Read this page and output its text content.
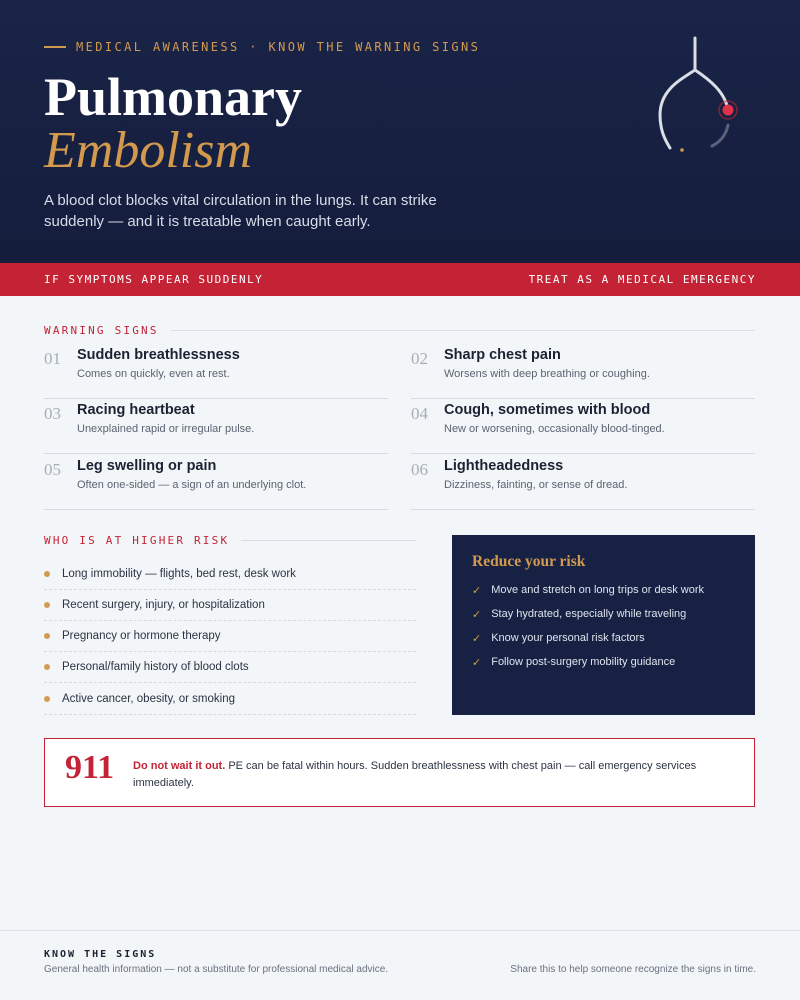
MEDICAL AWARENESS · KNOW THE WARNING SIGNS
Pulmonary
Embolism
A blood clot blocks vital circulation in the lungs. It can strike suddenly — and it is treatable when caught early.
IF SYMPTOMS APPEAR SUDDENLY	TREAT AS A MEDICAL EMERGENCY
WARNING SIGNS
01 Sudden breathlessness
Comes on quickly, even at rest.
02 Sharp chest pain
Worsens with deep breathing or coughing.
03 Racing heartbeat
Unexplained rapid or irregular pulse.
04 Cough, sometimes with blood
New or worsening, occasionally blood-tinged.
05 Leg swelling or pain
Often one-sided — a sign of an underlying clot.
06 Lightheadedness
Dizziness, fainting, or sense of dread.
WHO IS AT HIGHER RISK
Long immobility — flights, bed rest, desk work
Recent surgery, injury, or hospitalization
Pregnancy or hormone therapy
Personal/family history of blood clots
Active cancer, obesity, or smoking
Reduce your risk
✓ Move and stretch on long trips or desk work
✓ Stay hydrated, especially while traveling
✓ Know your personal risk factors
✓ Follow post-surgery mobility guidance
911 Do not wait it out. PE can be fatal within hours. Sudden breathlessness with chest pain — call emergency services immediately.
KNOW THE SIGNS
General health information — not a substitute for professional medical advice.	Share this to help someone recognize the signs in time.
